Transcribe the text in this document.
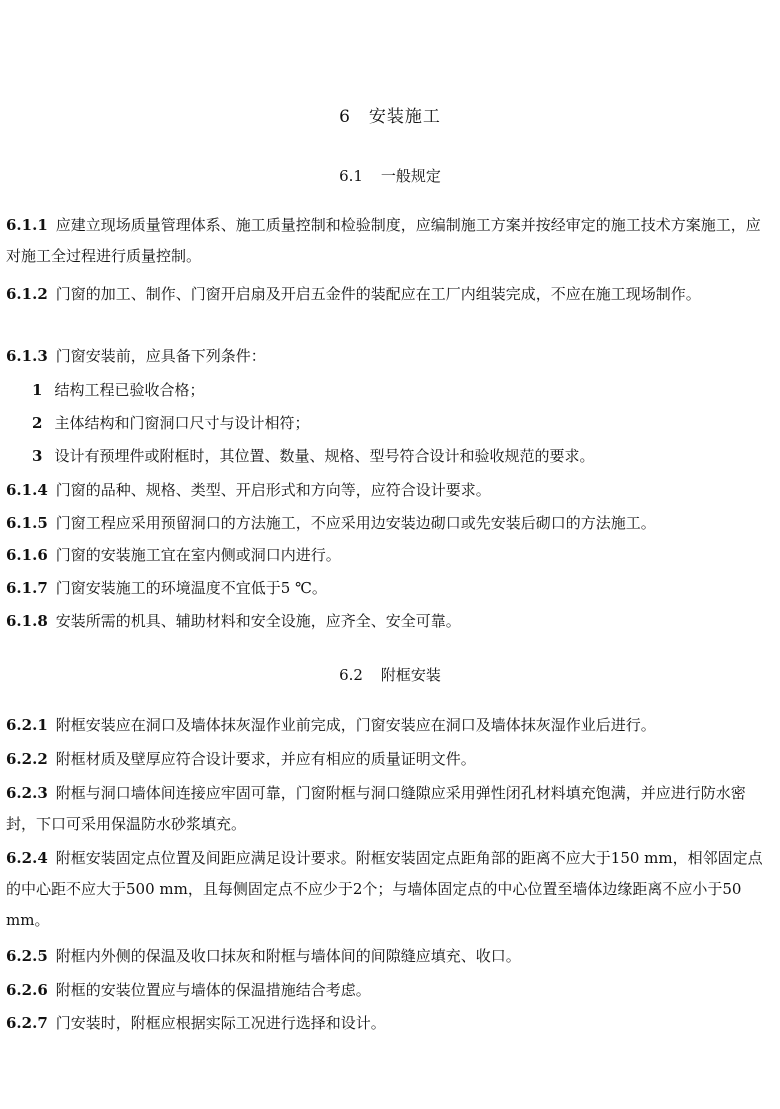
6 安装施工
6.1 一般规定
6.1.1 应建立现场质量管理体系、施工质量控制和检验制度，应编制施工方案并按经审定的施工技术方案施工，应对施工全过程进行质量控制。
6.1.2 门窗的加工、制作、门窗开启扇及开启五金件的装配应在工厂内组装完成，不应在施工现场制作。
6.1.3 门窗安装前，应具备下列条件：
1 结构工程已验收合格；
2 主体结构和门窗洞口尺寸与设计相符；
3 设计有预埋件或附框时，其位置、数量、规格、型号符合设计和验收规范的要求。
6.1.4 门窗的品种、规格、类型、开启形式和方向等，应符合设计要求。
6.1.5 门窗工程应采用预留洞口的方法施工，不应采用边安装边砌口或先安装后砌口的方法施工。
6.1.6 门窗的安装施工宜在室内侧或洞口内进行。
6.1.7 门窗安装施工的环境温度不宜低于5 ℃。
6.1.8 安装所需的机具、辅助材料和安全设施，应齐全、安全可靠。
6.2 附框安装
6.2.1 附框安装应在洞口及墙体抹灰湿作业前完成，门窗安装应在洞口及墙体抹灰湿作业后进行。
6.2.2 附框材质及壁厚应符合设计要求，并应有相应的质量证明文件。
6.2.3 附框与洞口墙体间连接应牢固可靠，门窗附框与洞口缝隙应采用弹性闭孔材料填充饱满，并应进行防水密封，下口可采用保温防水砂浆填充。
6.2.4 附框安装固定点位置及间距应满足设计要求。附框安装固定点距角部的距离不应大于150 mm，相邻固定点的中心距不应大于500 mm，且每侧固定点不应少于2个；与墙体固定点的中心位置至墙体边缘距离不应小于50 mm。
6.2.5 附框内外侧的保温及收口抹灰和附框与墙体间的间隙缝应填充、收口。
6.2.6 附框的安装位置应与墙体的保温措施结合考虑。
6.2.7 门安装时，附框应根据实际工况进行选择和设计。
